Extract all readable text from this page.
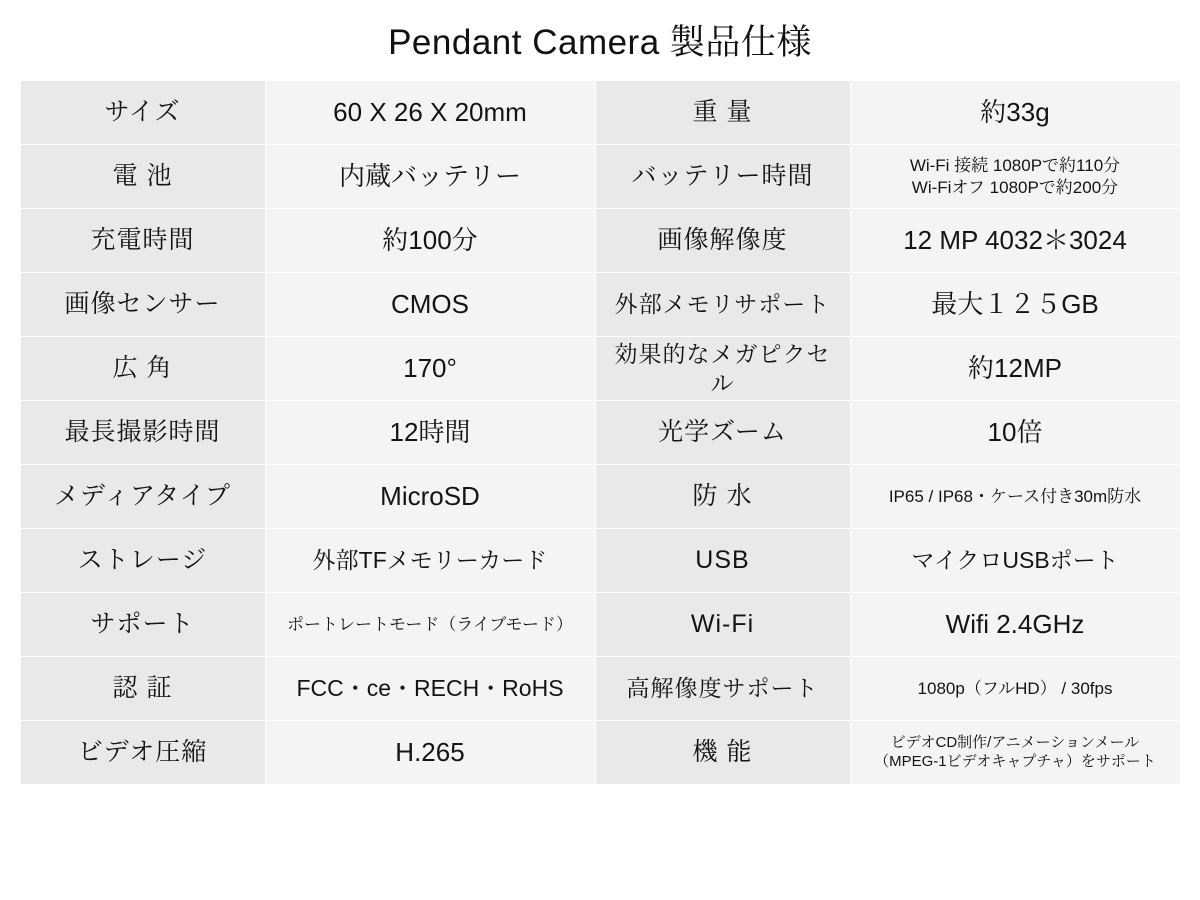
Pendant Camera 製品仕様
サイズ	60 X 26 X 20mm	重 量	約33g
電 池	内蔵バッテリー	バッテリー時間	Wi-Fi 接続 1080Pで約110分
Wi-Fiオフ 1080Pで約200分
充電時間	約100分	画像解像度	12 MP 4032＊3024
画像センサー	CMOS	外部メモリサポート	最大１２５GB
広 角	170°	効果的なメガピクセル	約12MP
最長撮影時間	12時間	光学ズーム	10倍
メディアタイプ	MicroSD	防 水	IP65 / IP68・ケース付き30m防水
ストレージ	外部TFメモリーカード	USB	マイクロUSBポート
サポート	ポートレートモード（ライブモード）	Wi-Fi	Wifi 2.4GHz
認 証	FCC・ce・RECH・RoHS	高解像度サポート	1080p（フルHD） / 30fps
ビデオ圧縮	H.265	機 能	ビデオCD制作/アニメーションメール
（MPEG-1ビデオキャプチャ）をサポート
